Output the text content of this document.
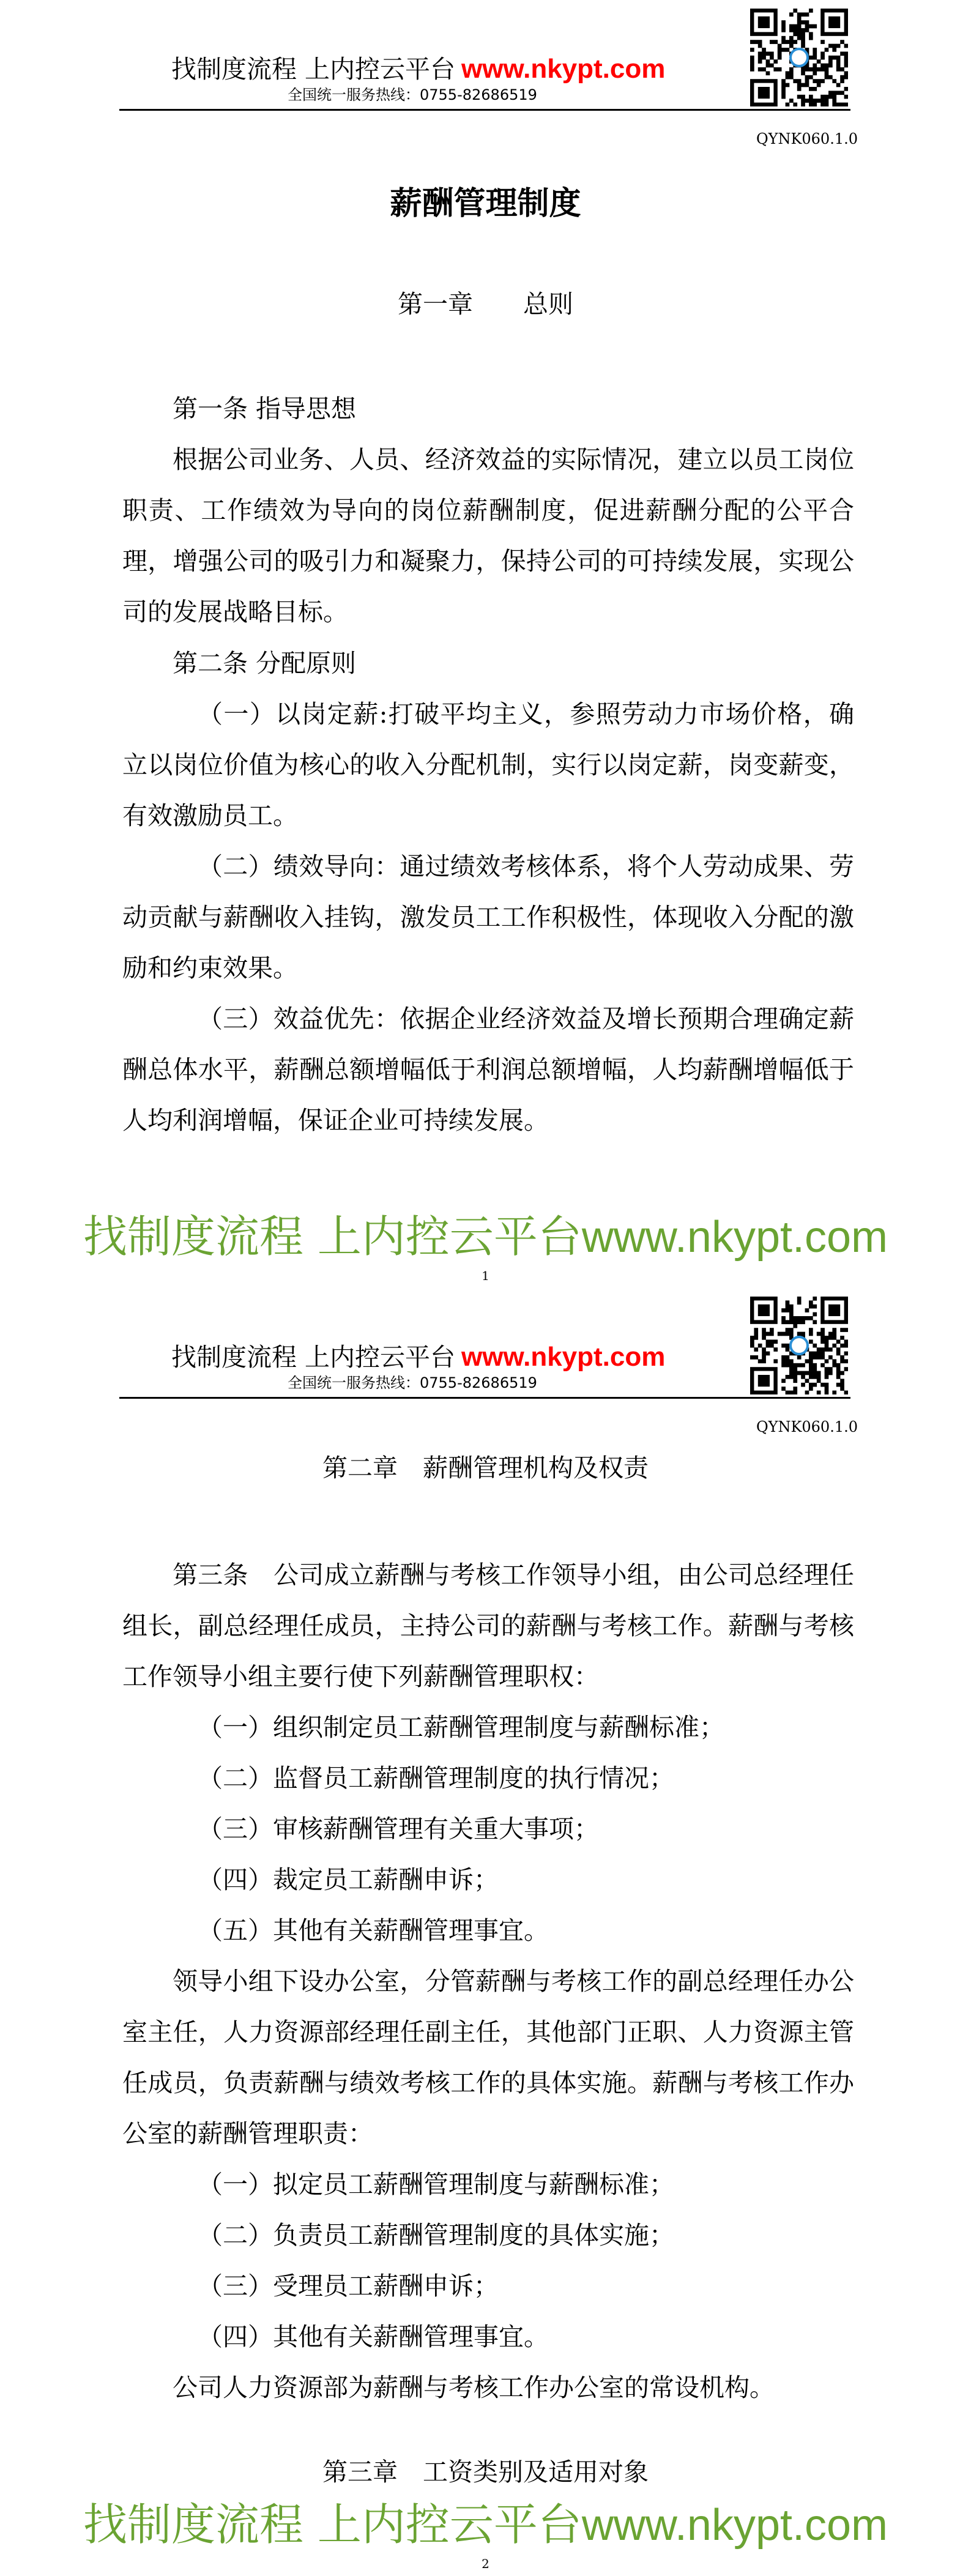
找制度流程 上内控云平台 www.nkypt.com
全国统一服务热线：0755-82686519
QYNK060.1.0
薪酬管理制度
第一章　　总则

第一条 指导思想

根据公司业务、人员、经济效益的实际情况，建立以员工岗位职责、工作绩效为导向的岗位薪酬制度，促进薪酬分配的公平合理，增强公司的吸引力和凝聚力，保持公司的可持续发展，实现公司的发展战略目标。

第二条 分配原则

（一）以岗定薪:打破平均主义，参照劳动力市场价格，确立以岗位价值为核心的收入分配机制，实行以岗定薪，岗变薪变，有效激励员工。

（二）绩效导向：通过绩效考核体系，将个人劳动成果、劳动贡献与薪酬收入挂钩，激发员工工作积极性，体现收入分配的激励和约束效果。

（三）效益优先：依据企业经济效益及增长预期合理确定薪酬总体水平，薪酬总额增幅低于利润总额增幅，人均薪酬增幅低于人均利润增幅，保证企业可持续发展。

找制度流程 上内控云平台www.nkypt.com
1
找制度流程 上内控云平台 www.nkypt.com
全国统一服务热线：0755-82686519
QYNK060.1.0
第二章　薪酬管理机构及权责

第三条　公司成立薪酬与考核工作领导小组，由公司总经理任组长，副总经理任成员，主持公司的薪酬与考核工作。薪酬与考核工作领导小组主要行使下列薪酬管理职权：

（一）组织制定员工薪酬管理制度与薪酬标准；

（二）监督员工薪酬管理制度的执行情况；

（三）审核薪酬管理有关重大事项；

（四）裁定员工薪酬申诉；

（五）其他有关薪酬管理事宜。

领导小组下设办公室，分管薪酬与考核工作的副总经理任办公室主任，人力资源部经理任副主任，其他部门正职、人力资源主管任成员，负责薪酬与绩效考核工作的具体实施。薪酬与考核工作办公室的薪酬管理职责：

（一）拟定员工薪酬管理制度与薪酬标准；

（二）负责员工薪酬管理制度的具体实施；

（三）受理员工薪酬申诉；

（四）其他有关薪酬管理事宜。

公司人力资源部为薪酬与考核工作办公室的常设机构。

第三章　工资类别及适用对象
找制度流程 上内控云平台www.nkypt.com
2
